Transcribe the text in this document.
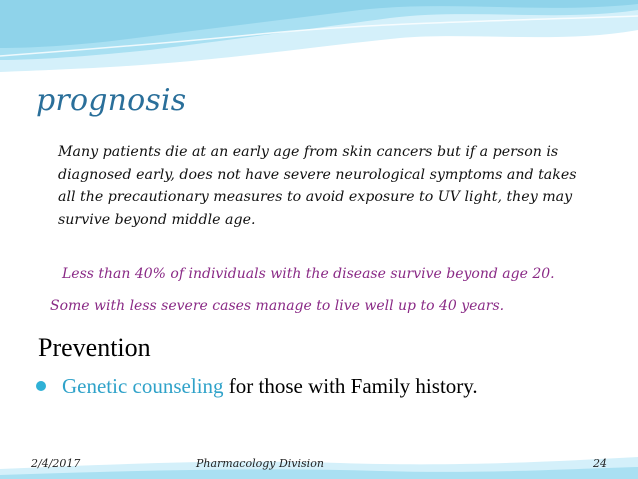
prognosis
Many patients die at an early age from skin cancers but if a person is diagnosed early, does not have severe neurological symptoms and takes all the precautionary measures to avoid exposure to UV light, they may survive beyond middle age.
Less than 40% of individuals with the disease survive beyond age 20.
Some with less severe cases manage to live well up to 40 years.
Prevention
Genetic counseling for those with Family history.
2/4/2017	Pharmacology Division	24
